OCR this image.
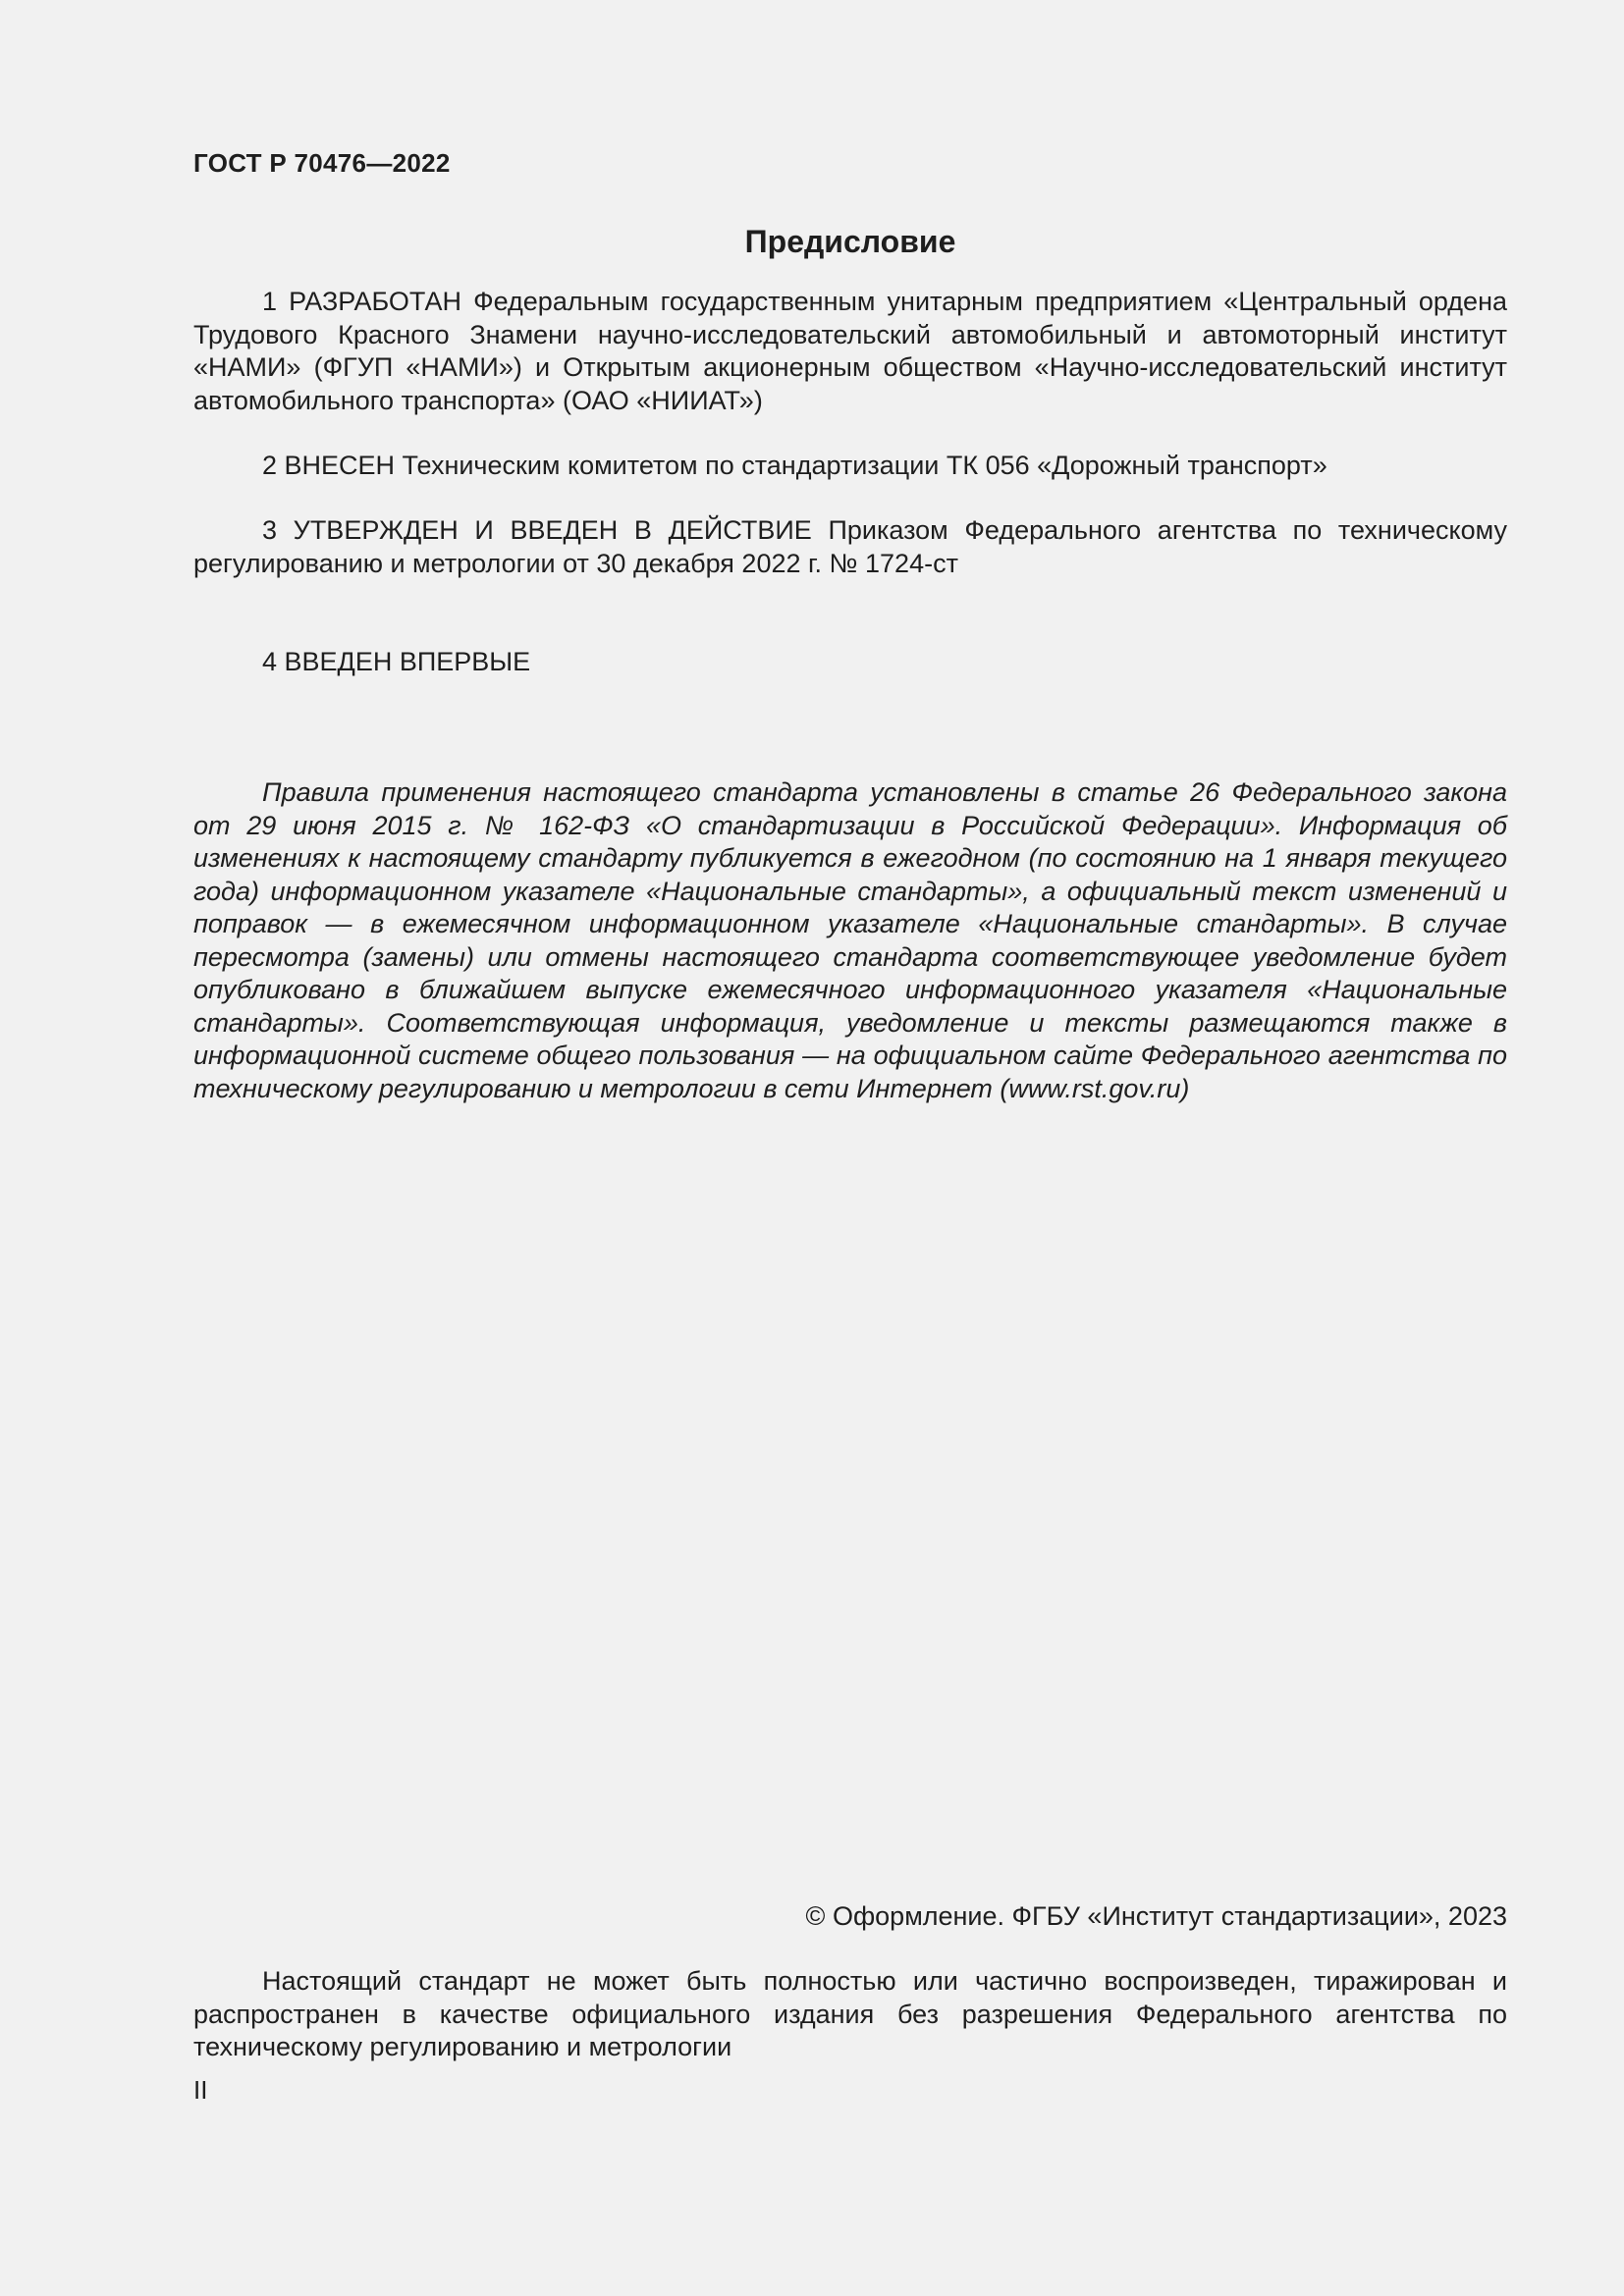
ГОСТ Р 70476—2022
Предисловие

1 РАЗРАБОТАН Федеральным государственным унитарным предприятием «Центральный ордена Трудового Красного Знамени научно-исследовательский автомобильный и автомоторный институт «НАМИ» (ФГУП «НАМИ») и Открытым акционерным обществом «Научно-исследовательский институт автомобильного транспорта» (ОАО «НИИАТ»)

2 ВНЕСЕН Техническим комитетом по стандартизации ТК 056 «Дорожный транспорт»

3 УТВЕРЖДЕН И ВВЕДЕН В ДЕЙСТВИЕ Приказом Федерального агентства по техническому регулированию и метрологии от 30 декабря 2022 г. № 1724-ст

4 ВВЕДЕН ВПЕРВЫЕ

Правила применения настоящего стандарта установлены в статье 26 Федерального закона от 29 июня 2015 г. № 162-ФЗ «О стандартизации в Российской Федерации». Информация об изменениях к настоящему стандарту публикуется в ежегодном (по состоянию на 1 января текущего года) информационном указателе «Национальные стандарты», а официальный текст изменений и поправок — в ежемесячном информационном указателе «Национальные стандарты». В случае пересмотра (замены) или отмены настоящего стандарта соответствующее уведомление будет опубликовано в ближайшем выпуске ежемесячного информационного указателя «Национальные стандарты». Соответствующая информация, уведомление и тексты размещаются также в информационной системе общего пользования — на официальном сайте Федерального агентства по техническому регулированию и метрологии в сети Интернет (www.rst.gov.ru)

© Оформление. ФГБУ «Институт стандартизации», 2023

Настоящий стандарт не может быть полностью или частично воспроизведен, тиражирован и распространен в качестве официального издания без разрешения Федерального агентства по техническому регулированию и метрологии

II
